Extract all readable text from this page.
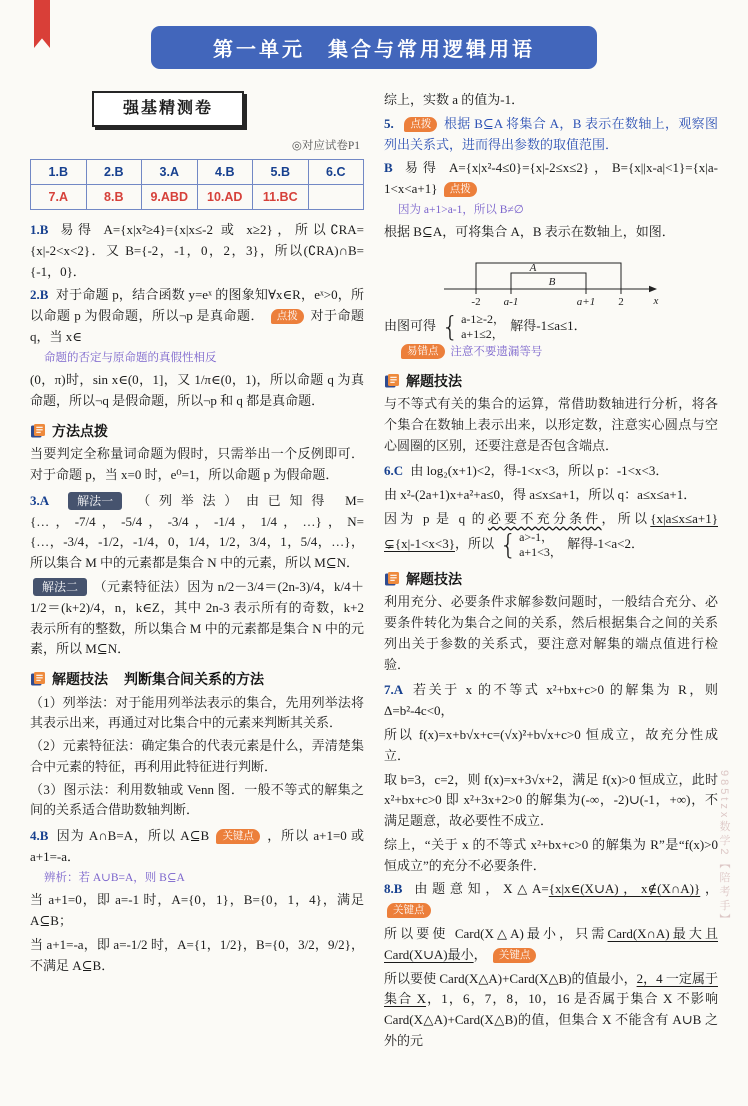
第一单元　集合与常用逻辑用语
强基精测卷
◎对应试卷P1
1.B	2.B	3.A	4.B	5.B	6.C
7.A	8.B	9.ABD	10.AD	11.BC	

1.B 易得 A={x|x²≥4}={x|x≤-2 或 x≥2}，所以∁RA={x|-2<x<2}．又 B={-2，-1，0，2，3}，所以(∁RA)∩B={-1，0}．

2.B 对于命题 p，结合函数 y=eˣ 的图象知∀x∈R，eˣ>0，所以命题 p 为假命题，所以¬p 是真命题． 点拨 对于命题 q，当 x∈

命题的否定与原命题的真假性相反

(0，π)时，sin x∈(0，1]，又 1/π∈(0，1)，所以命题 q 为真命题，所以¬q 是假命题，所以¬p 和 q 都是真命题．

方法点拨
当要判定全称量词命题为假时，只需举出一个反例即可．对于命题 p，当 x=0 时，e⁰=1，所以命题 p 为假命题．

3.A 解法一 （列举法）由已知得 M={…，-7/4，-5/4，-3/4，-1/4，1/4，…}，N={…，-3/4，-1/2，-1/4，0，1/4，1/2，3/4，1，5/4，…}，所以集合 M 中的元素都是集合 N 中的元素，所以 M⊆N．

解法二 （元素特征法）因为 n/2－3/4＝(2n-3)/4，k/4＋1/2＝(k+2)/4，n，k∈Z，其中 2n-3 表示所有的奇数，k+2 表示所有的整数，所以集合 M 中的元素都是集合 N 中的元素，所以 M⊆N．

解题技法 判断集合间关系的方法
（1）列举法：对于能用列举法表示的集合，先用列举法将其表示出来，再通过对比集合中的元素来判断其关系．
（2）元素特征法：确定集合的代表元素是什么，弄清楚集合中元素的特征，再利用此特征进行判断．
（3）图示法：利用数轴或 Venn 图．一般不等式的解集之间的关系适合借助数轴判断．

4.B 因为 A∩B=A，所以 A⊆B 关键点 ，所以 a+1=0 或 a+1=-a．

辨析：若 A∪B=A，则 B⊆A

当 a+1=0，即 a=-1 时，A={0，1}，B={0，1，4}，满足 A⊆B；

当 a+1=-a，即 a=-1/2 时，A={1，1/2}，B={0，3/2，9/2}，不满足 A⊆B．

综上，实数 a 的值为-1．

5. 点拨 根据 B⊆A 将集合 A，B 表示在数轴上，观察图列出关系式，进而得出参数的取值范围．

B 易得 A={x|x²-4≤0}={x|-2≤x≤2}，B={x||x-a|<1}={x|a-1<x<a+1} 点拨

因为 a+1>a-1，所以 B≠∅

根据 B⊆A，可将集合 A，B 表示在数轴上，如图．

A
B
-2 a-1	a+1 2	x

由图可得 { a-1≥-2，
a+1≤2，
解得-1≤a≤1．

易错点 注意不要遗漏等号

解题技法
与不等式有关的集合的运算，常借助数轴进行分析，将各个集合在数轴上表示出来，以形定数，注意实心圆点与空心圆圈的区别，还要注意是否包含端点．

6.C 由 log₂(x+1)<2，得-1<x<3，所以 p：-1<x<3．

由 x²-(2a+1)x+a²+a≤0，得 a≤x≤a+1，所以 q：a≤x≤a+1．

因为 p 是 q 的必要不充分条件，所以{x|a≤x≤a+1}⊊{x|-1<x<3}，所以 { a>-1，
a+1<3，
解得-1<a<2．

解题技法
利用充分、必要条件求解参数问题时，一般结合充分、必要条件转化为集合之间的关系，然后根据集合之间的关系列出关于参数的关系式，要注意对解集的端点值进行检验．

7.A 若关于 x 的不等式 x²+bx+c>0 的解集为 R，则 Δ=b²-4c<0，

所以 f(x)=x+b√x+c=(√x)²+b√x+c>0 恒成立，故充分性成立．

取 b=3，c=2，则 f(x)=x+3√x+2，满足 f(x)>0 恒成立，此时 x²+bx+c>0 即 x²+3x+2>0 的解集为(-∞，-2)∪(-1，+∞)，不满足题意，故必要性不成立．

综上，“关于 x 的不等式 x²+bx+c>0 的解集为 R”是“f(x)>0 恒成立”的充分不必要条件．

8.B 由题意知，X△A={x|x∈(X∪A)，x∉(X∩A)}， 关键点

所以要使 Card(X△A)最小，只需Card(X∩A)最大且 Card(X∪A)最小， 关键点

所以要使 Card(X△A)+Card(X△B)的值最小，2，4 一定属于集合 X，1，6，7，8，10，16 是否属于集合 X 不影响 Card(X△A)+Card(X△B)的值，但集合 X 不能含有 A∪B 之外的元

985tzx数学2【陪考手】
